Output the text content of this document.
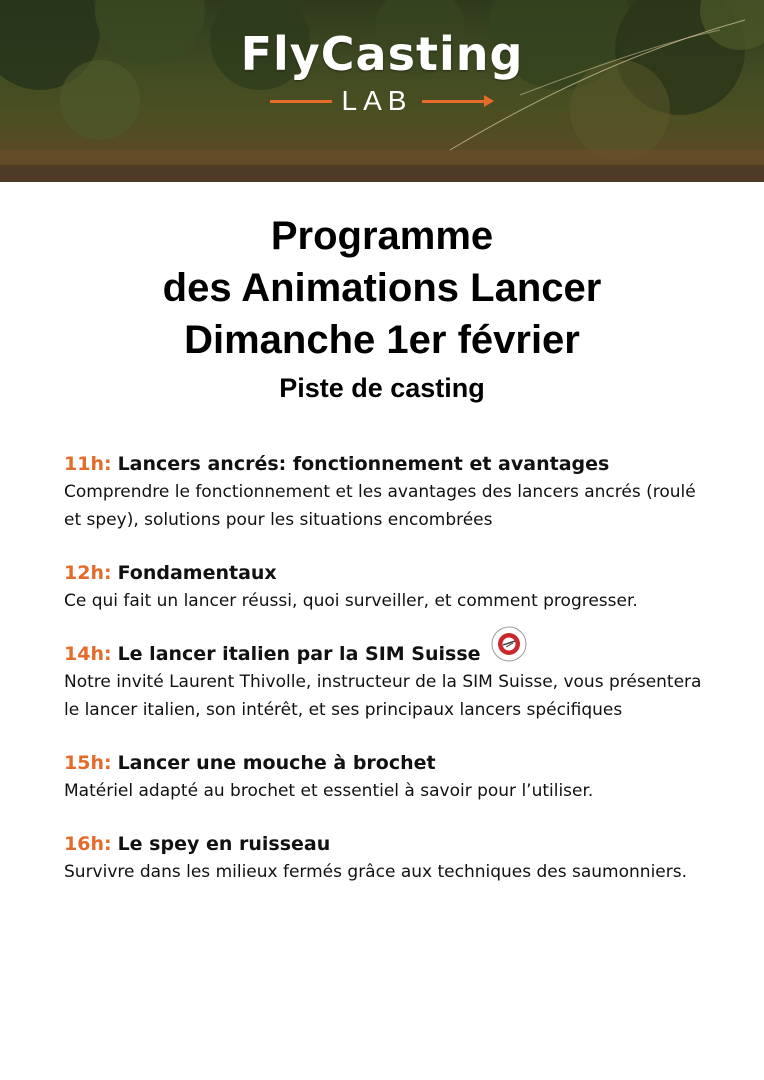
FlyCasting
LAB
Programme
des Animations Lancer
Dimanche 1er février
Piste de casting
11h: Lancers ancrés: fonctionnement et avantages
Comprendre le fonctionnement et les avantages des lancers ancrés (roulé et spey), solutions pour les situations encombrées
12h: Fondamentaux
Ce qui fait un lancer réussi, quoi surveiller, et comment progresser.
14h: Le lancer italien par la SIM Suisse
Notre invité Laurent Thivolle, instructeur de la SIM Suisse, vous présentera le lancer italien, son intérêt, et ses principaux lancers spécifiques
15h: Lancer une mouche à brochet
Matériel adapté au brochet et essentiel à savoir pour l’utiliser.
16h: Le spey en ruisseau
Survivre dans les milieux fermés grâce aux techniques des saumonniers.
